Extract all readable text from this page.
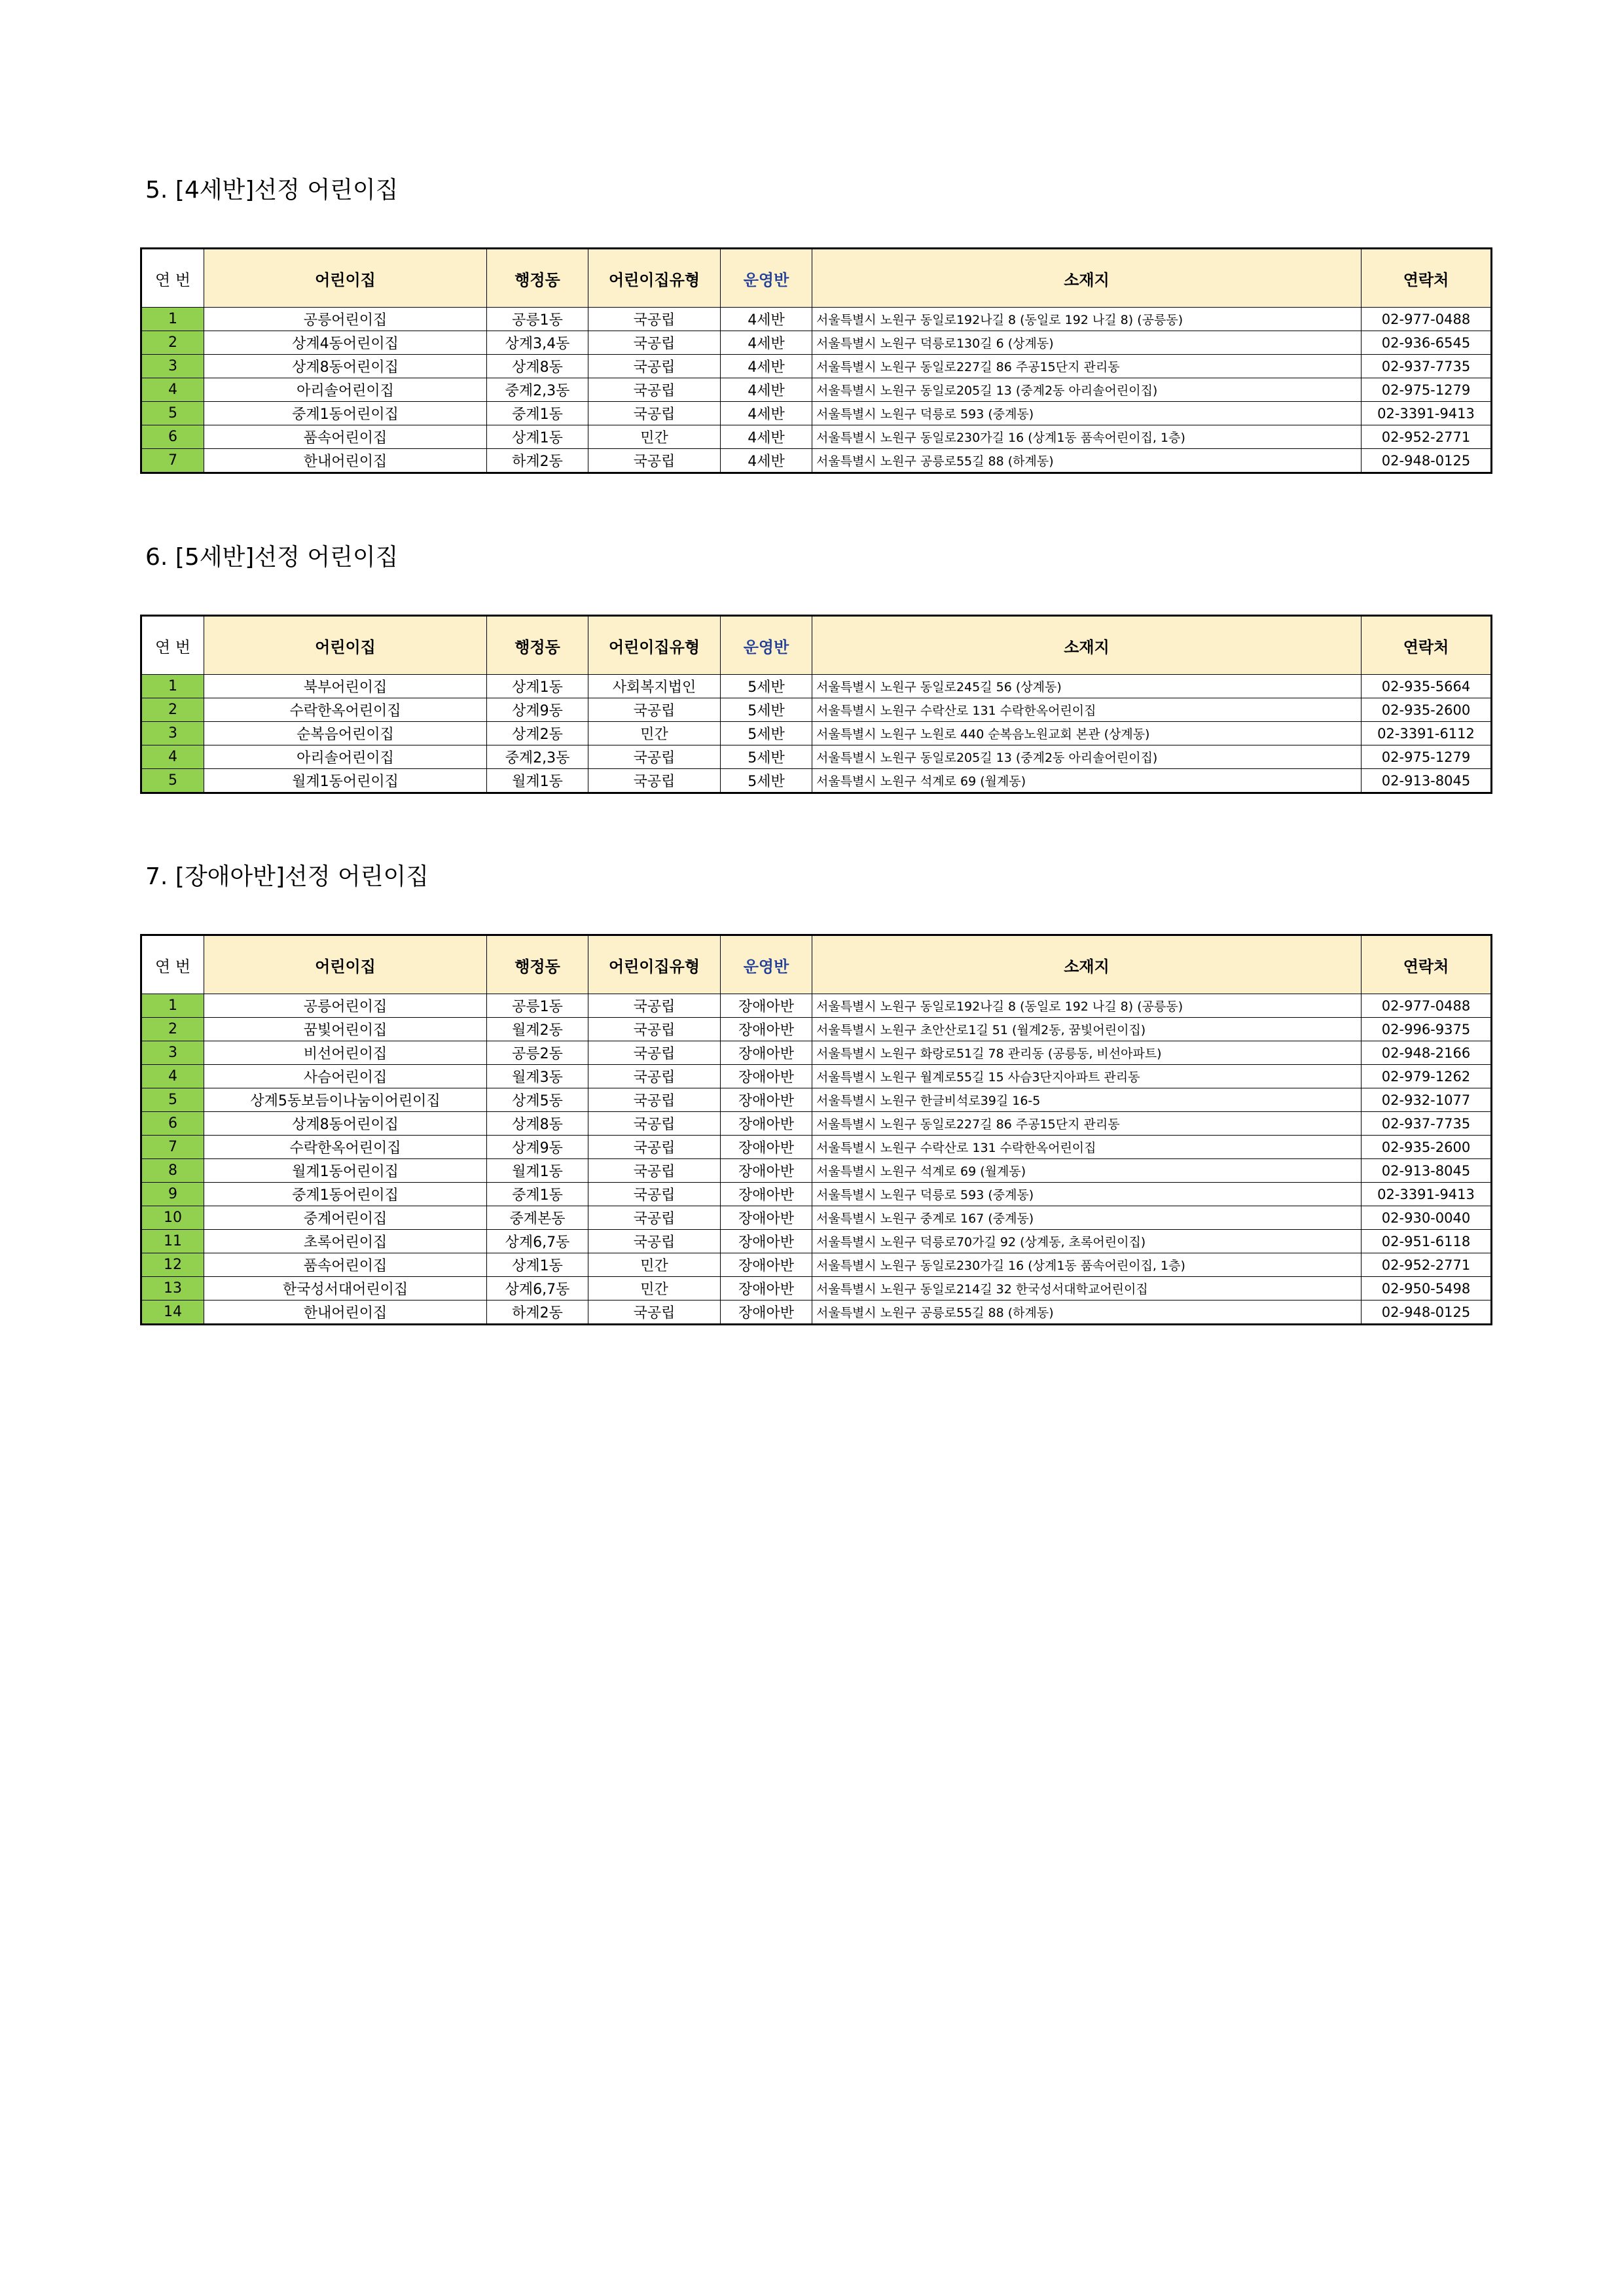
5. [4세반]선정 어린이집
연 번	어린이집	행정동	어린이집유형	운영반	소재지	연락처
1	공릉어린이집	공릉1동	국공립	4세반	서울특별시 노원구 동일로192나길 8 (동일로 192 나길 8) (공릉동)	02-977-0488
2	상계4동어린이집	상계3,4동	국공립	4세반	서울특별시 노원구 덕릉로130길 6 (상계동)	02-936-6545
3	상계8동어린이집	상계8동	국공립	4세반	서울특별시 노원구 동일로227길 86 주공15단지 관리동	02-937-7735
4	아리솔어린이집	중계2,3동	국공립	4세반	서울특별시 노원구 동일로205길 13 (중계2동 아리솔어린이집)	02-975-1279
5	중계1동어린이집	중계1동	국공립	4세반	서울특별시 노원구 덕릉로 593 (중계동)	02-3391-9413
6	품속어린이집	상계1동	민간	4세반	서울특별시 노원구 동일로230가길 16 (상계1동 품속어린이집, 1층)	02-952-2771
7	한내어린이집	하계2동	국공립	4세반	서울특별시 노원구 공릉로55길 88 (하계동)	02-948-0125
6. [5세반]선정 어린이집
연 번	어린이집	행정동	어린이집유형	운영반	소재지	연락처
1	북부어린이집	상계1동	사회복지법인	5세반	서울특별시 노원구 동일로245길 56 (상계동)	02-935-5664
2	수락한옥어린이집	상계9동	국공립	5세반	서울특별시 노원구 수락산로 131 수락한옥어린이집	02-935-2600
3	순복음어린이집	상계2동	민간	5세반	서울특별시 노원구 노원로 440 순복음노원교회 본관 (상계동)	02-3391-6112
4	아리솔어린이집	중계2,3동	국공립	5세반	서울특별시 노원구 동일로205길 13 (중계2동 아리솔어린이집)	02-975-1279
5	월계1동어린이집	월계1동	국공립	5세반	서울특별시 노원구 석계로 69 (월계동)	02-913-8045
7. [장애아반]선정 어린이집
연 번	어린이집	행정동	어린이집유형	운영반	소재지	연락처
1	공릉어린이집	공릉1동	국공립	장애아반	서울특별시 노원구 동일로192나길 8 (동일로 192 나길 8) (공릉동)	02-977-0488
2	꿈빛어린이집	월계2동	국공립	장애아반	서울특별시 노원구 초안산로1길 51 (월계2동, 꿈빛어린이집)	02-996-9375
3	비선어린이집	공릉2동	국공립	장애아반	서울특별시 노원구 화랑로51길 78 관리동 (공릉동, 비선아파트)	02-948-2166
4	사슴어린이집	월계3동	국공립	장애아반	서울특별시 노원구 월계로55길 15 사슴3단지아파트 관리동	02-979-1262
5	상계5동보듬이나눔이어린이집	상계5동	국공립	장애아반	서울특별시 노원구 한글비석로39길 16-5	02-932-1077
6	상계8동어린이집	상계8동	국공립	장애아반	서울특별시 노원구 동일로227길 86 주공15단지 관리동	02-937-7735
7	수락한옥어린이집	상계9동	국공립	장애아반	서울특별시 노원구 수락산로 131 수락한옥어린이집	02-935-2600
8	월계1동어린이집	월계1동	국공립	장애아반	서울특별시 노원구 석계로 69 (월계동)	02-913-8045
9	중계1동어린이집	중계1동	국공립	장애아반	서울특별시 노원구 덕릉로 593 (중계동)	02-3391-9413
10	중계어린이집	중계본동	국공립	장애아반	서울특별시 노원구 중계로 167 (중계동)	02-930-0040
11	초록어린이집	상계6,7동	국공립	장애아반	서울특별시 노원구 덕릉로70가길 92 (상계동, 초록어린이집)	02-951-6118
12	품속어린이집	상계1동	민간	장애아반	서울특별시 노원구 동일로230가길 16 (상계1동 품속어린이집, 1층)	02-952-2771
13	한국성서대어린이집	상계6,7동	민간	장애아반	서울특별시 노원구 동일로214길 32 한국성서대학교어린이집	02-950-5498
14	한내어린이집	하계2동	국공립	장애아반	서울특별시 노원구 공릉로55길 88 (하계동)	02-948-0125
